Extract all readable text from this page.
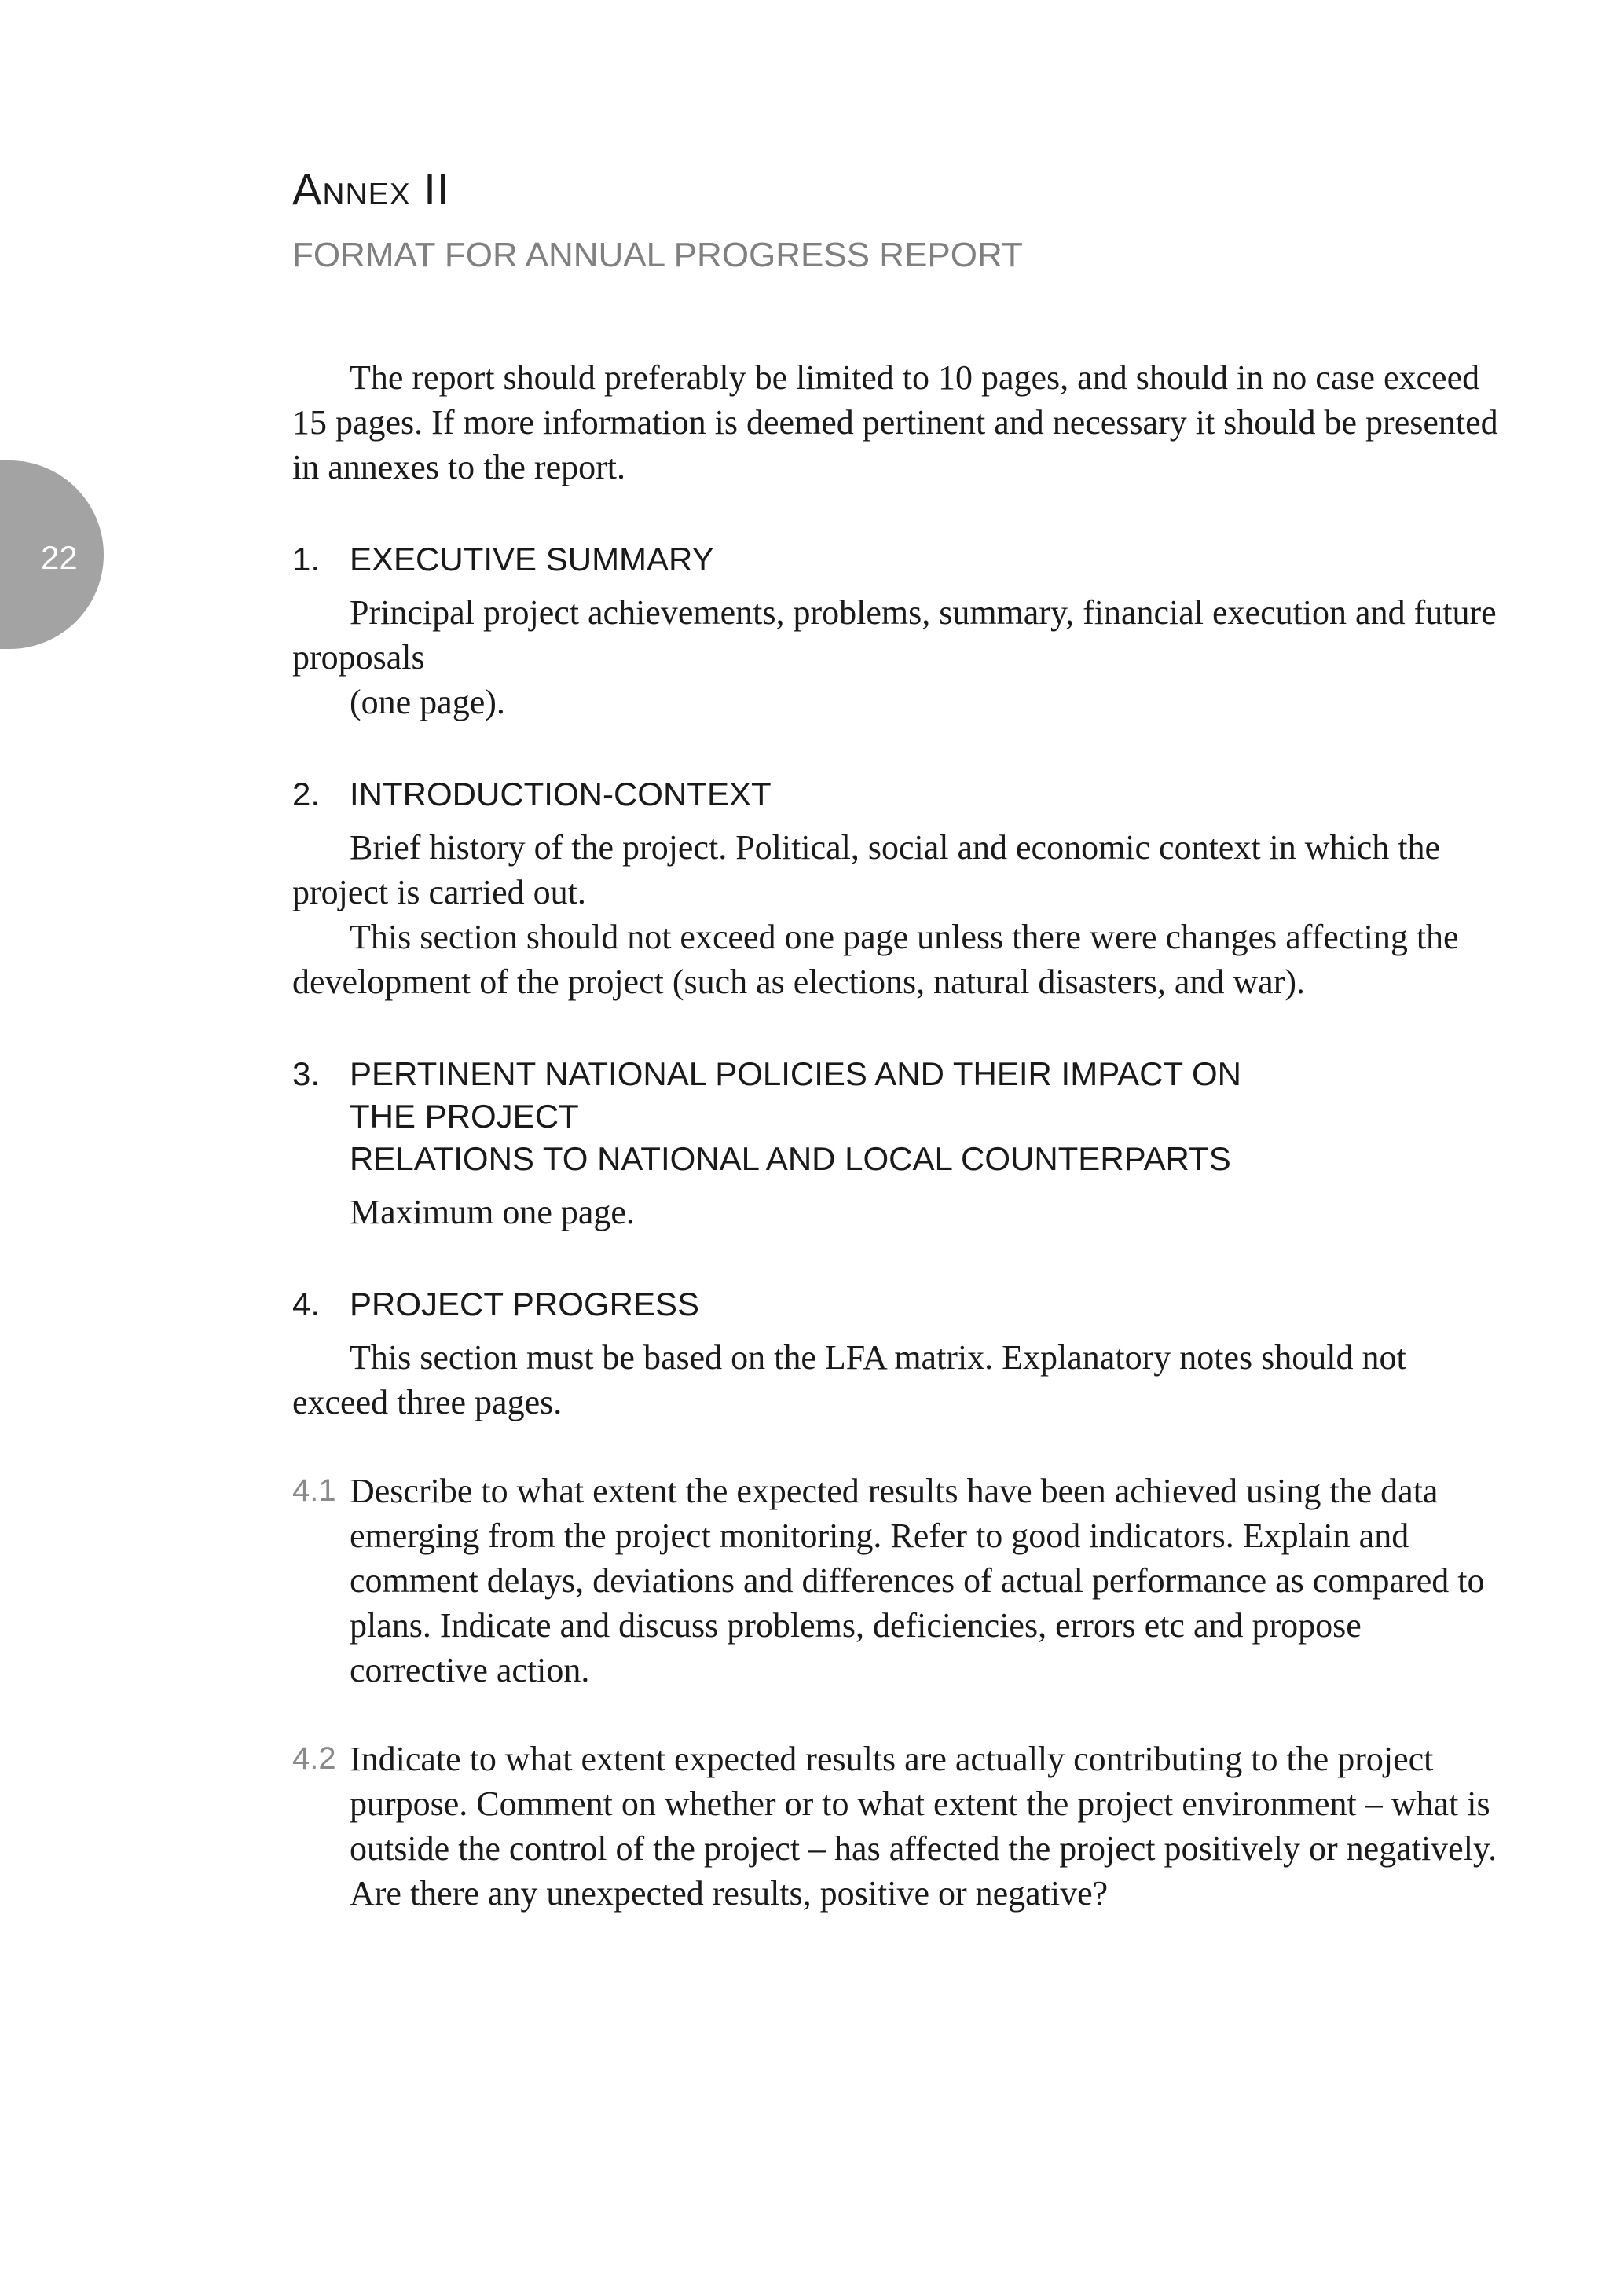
22
Annex II
FORMAT FOR ANNUAL PROGRESS REPORT

The report should preferably be limited to 10 pages, and should in no case exceed 15 pages. If more information is deemed pertinent and necessary it should be presented in annexes to the report.

1. EXECUTIVE SUMMARY

Principal project achievements, problems, summary, financial execution and future proposals

(one page).

2. INTRODUCTION-CONTEXT

Brief history of the project. Political, social and economic context in which the project is carried out.

This section should not exceed one page unless there were changes affecting the development of the project (such as elections, natural disasters, and war).

3. PERTINENT NATIONAL POLICIES AND THEIR IMPACT ON
THE PROJECT
RELATIONS TO NATIONAL AND LOCAL COUNTERPARTS

Maximum one page.

4. PROJECT PROGRESS

This section must be based on the LFA matrix. Explanatory notes should not exceed three pages.

4.1 Describe to what extent the expected results have been achieved using the data emerging from the project monitoring. Refer to good indicators. Explain and comment delays, deviations and differences of actual performance as compared to plans. Indicate and discuss problems, deficiencies, errors etc and propose corrective action.

4.2 Indicate to what extent expected results are actually contributing to the project purpose. Comment on whether or to what extent the project environment – what is outside the control of the project – has affected the project positively or negatively. Are there any unexpected results, positive or negative?
